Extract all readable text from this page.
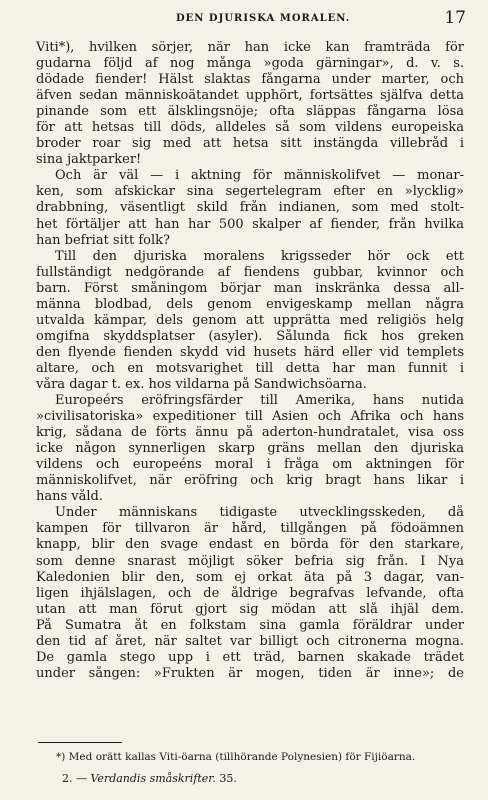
DEN DJURISKA MORALEN.	17
Viti*), hvilken sörjer, när han icke kan framträda för
gudarna följd af nog många »goda gärningar», d. v. s.
dödade fiender! Hälst slaktas fångarna under marter, och
äfven sedan människoätandet upphört, fortsättes själfva detta
pinande som ett älsklingsnöje; ofta släppas fångarna lösa
för att hetsas till döds, alldeles så som vildens europeiska
broder roar sig med att hetsa sitt instängda villebråd i
sina jaktparker!
Och är väl — i aktning för människolifvet — monar-
ken, som afskickar sina segertelegram efter en »lycklig»
drabbning, väsentligt skild från indianen, som med stolt-
het förtäljer att han har 500 skalper af fiender, från hvilka
han befriat sitt folk?
Till den djuriska moralens krigsseder hör ock ett
fullständigt nedgörande af fiendens gubbar, kvinnor och
barn. Först småningom börjar man inskränka dessa all-
männa blodbad, dels genom envigeskamp mellan några
utvalda kämpar, dels genom att upprätta med religiös helg
omgifna skyddsplatser (asyler). Sålunda fick hos greken
den flyende fienden skydd vid husets härd eller vid templets
altare, och en motsvarighet till detta har man funnit i
våra dagar t. ex. hos vildarna på Sandwichsöarna.
Europeérs eröfringsfärder till Amerika, hans nutida
»civilisatoriska» expeditioner till Asien och Afrika och hans
krig, sådana de förts ännu på aderton-hundratalet, visa oss
icke någon synnerligen skarp gräns mellan den djuriska
vildens och europeéns moral i fråga om aktningen för
människolifvet, när eröfring och krig bragt hans likar i
hans våld.
Under människans tidigaste utvecklingsskeden, då
kampen för tillvaron är hård, tillgången på födoämnen
knapp, blir den svage endast en börda för den starkare,
som denne snarast möjligt söker befria sig från. I Nya
Kaledonien blir den, som ej orkat äta på 3 dagar, van-
ligen ihjälslagen, och de åldrige begrafvas lefvande, ofta
utan att man förut gjort sig mödan att slå ihjäl dem.
På Sumatra åt en folkstam sina gamla föräldrar under
den tid af året, när saltet var billigt och citronerna mogna.
De gamla stego upp i ett träd, barnen skakade trädet
under sången: »Frukten är mogen, tiden är inne»; de
*) Med orätt kallas Viti-öarna (tillhörande Polynesien) för Fijiöarna.
2. — Verdandis småskrifter. 35.
